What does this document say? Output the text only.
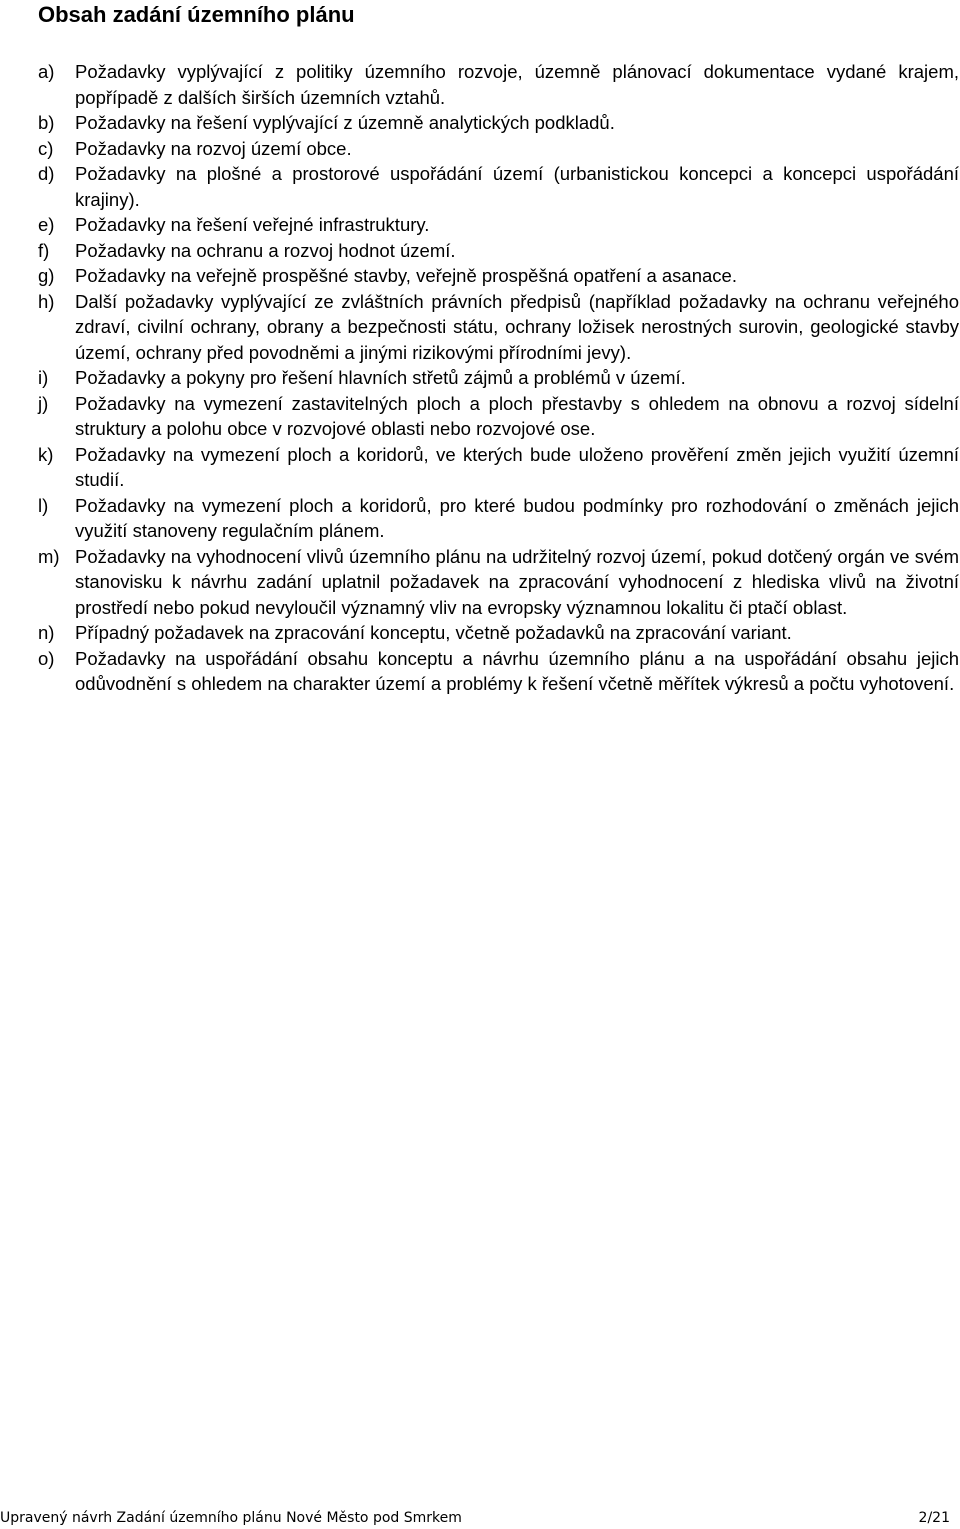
Obsah zadání územního plánu
a)	Požadavky vyplývající z politiky územního rozvoje, územně plánovací dokumentace vydané krajem, popřípadě z dalších širších územních vztahů.
b)	Požadavky na řešení vyplývající z územně analytických podkladů.
c)	Požadavky na rozvoj území obce.
d)	Požadavky na plošné a prostorové uspořádání území (urbanistickou koncepci a koncepci uspořádání krajiny).
e)	Požadavky na řešení veřejné infrastruktury.
f)	Požadavky na ochranu a rozvoj hodnot území.
g)	Požadavky na veřejně prospěšné stavby, veřejně prospěšná opatření a asanace.
h)	Další požadavky vyplývající ze zvláštních právních předpisů (například požadavky na ochranu veřejného zdraví, civilní ochrany, obrany a bezpečnosti státu, ochrany ložisek nerostných surovin, geologické stavby území, ochrany před povodněmi a jinými rizikovými přírodními jevy).
i)	Požadavky a pokyny pro řešení hlavních střetů zájmů a problémů v území.
j)	Požadavky na vymezení zastavitelných ploch a ploch přestavby s ohledem na obnovu a rozvoj sídelní struktury a polohu obce v rozvojové oblasti nebo rozvojové ose.
k)	Požadavky na vymezení ploch a koridorů, ve kterých bude uloženo prověření změn jejich využití územní studií.
l)	Požadavky na vymezení ploch a koridorů, pro které budou podmínky pro rozhodování o změnách jejich využití stanoveny regulačním plánem.
m) Požadavky na vyhodnocení vlivů územního plánu na udržitelný rozvoj území, pokud dotčený orgán ve svém stanovisku k návrhu zadání uplatnil požadavek na zpracování vyhodnocení z hlediska vlivů na životní prostředí nebo pokud nevyloučil významný vliv na evropsky významnou lokalitu či ptačí oblast.
n)	Případný požadavek na zpracování konceptu, včetně požadavků na zpracování variant.
o)	Požadavky na uspořádání obsahu konceptu a návrhu územního plánu a na uspořádání obsahu jejich odůvodnění s ohledem na charakter území a problémy k řešení včetně měřítek výkresů a počtu vyhotovení.
Upravený návrh Zadání územního plánu Nové Město pod Smrkem	2/21
